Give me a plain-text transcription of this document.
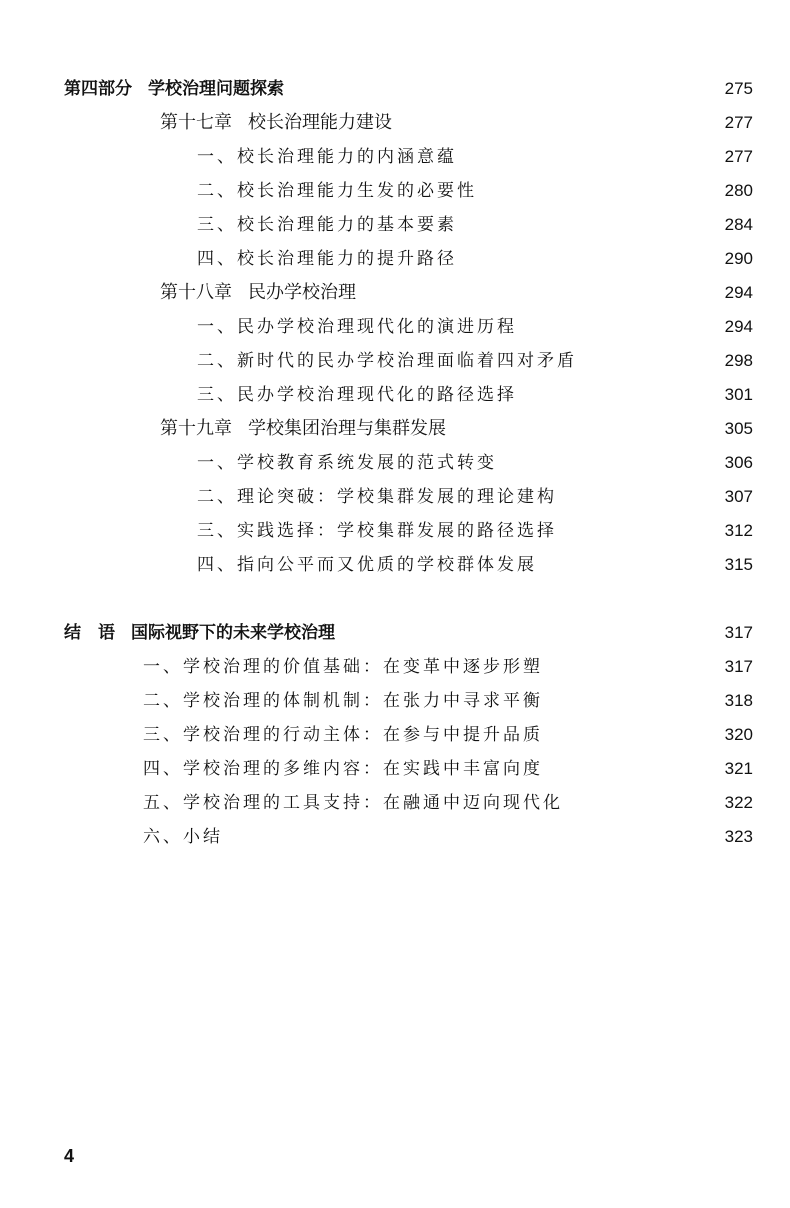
第四部分 学校治理问题探索	275
第十七章 校长治理能力建设	277
一、校长治理能力的内涵意蕴	277
二、校长治理能力生发的必要性	280
三、校长治理能力的基本要素	284
四、校长治理能力的提升路径	290
第十八章 民办学校治理	294
一、民办学校治理现代化的演进历程	294
二、新时代的民办学校治理面临着四对矛盾	298
三、民办学校治理现代化的路径选择	301
第十九章 学校集团治理与集群发展	305
一、学校教育系统发展的范式转变	306
二、理论突破：学校集群发展的理论建构	307
三、实践选择：学校集群发展的路径选择	312
四、指向公平而又优质的学校群体发展	315
结　语 国际视野下的未来学校治理	317
一、学校治理的价值基础：在变革中逐步形塑	317
二、学校治理的体制机制：在张力中寻求平衡	318
三、学校治理的行动主体：在参与中提升品质	320
四、学校治理的多维内容：在实践中丰富向度	321
五、学校治理的工具支持：在融通中迈向现代化	322
六、小结	323
4
